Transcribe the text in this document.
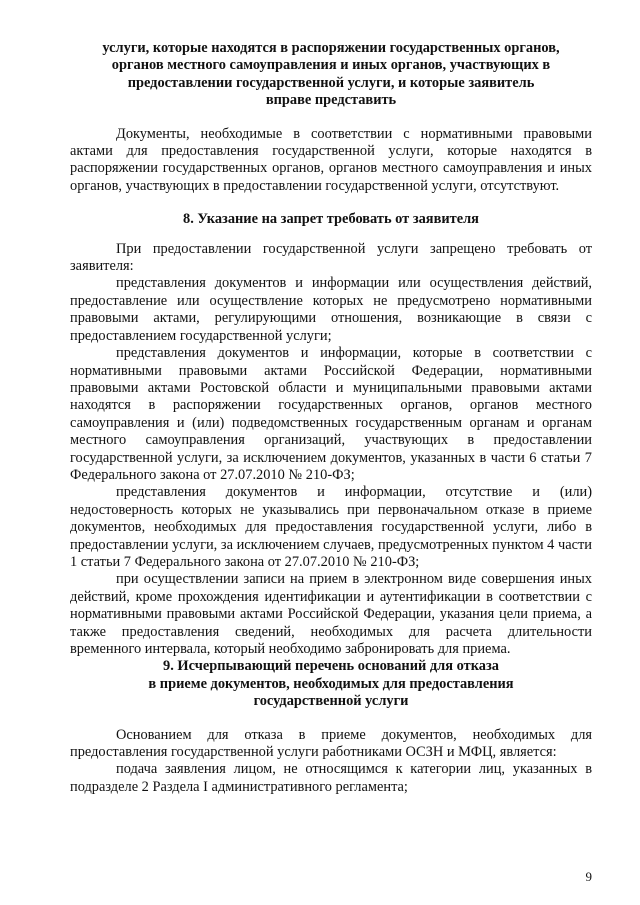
услуги, которые находятся в распоряжении государственных органов,
органов местного самоуправления и иных органов, участвующих в
предоставлении государственной услуги, и которые заявитель
вправе представить

Документы, необходимые в соответствии с нормативными правовыми актами для предоставления государственной услуги, которые находятся в распоряжении государственных органов, органов местного самоуправления и иных органов, участвующих в предоставлении государственной услуги, отсутствуют.

8. Указание на запрет требовать от заявителя

При предоставлении государственной услуги запрещено требовать от заявителя:

представления документов и информации или осуществления действий, предоставление или осуществление которых не предусмотрено нормативными правовыми актами, регулирующими отношения, возникающие в связи с предоставлением государственной услуги;

представления документов и информации, которые в соответствии с нормативными правовыми актами Российской Федерации, нормативными правовыми актами Ростовской области и муниципальными правовыми актами находятся в распоряжении государственных органов, органов местного самоуправления и (или) подведомственных государственным органам и органам местного самоуправления организаций, участвующих в предоставлении государственной услуги, за исключением документов, указанных в части 6 статьи 7 Федерального закона от 27.07.2010 № 210-ФЗ;

представления документов и информации, отсутствие и (или) недостоверность которых не указывались при первоначальном отказе в приеме документов, необходимых для предоставления государственной услуги, либо в предоставлении услуги, за исключением случаев, предусмотренных пунктом 4 части 1 статьи 7 Федерального закона от 27.07.2010 № 210-ФЗ;

при осуществлении записи на прием в электронном виде совершения иных действий, кроме прохождения идентификации и аутентификации в соответствии с нормативными правовыми актами Российской Федерации, указания цели приема, а также предоставления сведений, необходимых для расчета длительности временного интервала, который необходимо забронировать для приема.

9. Исчерпывающий перечень оснований для отказа
в приеме документов, необходимых для предоставления
государственной услуги

Основанием для отказа в приеме документов, необходимых для предоставления государственной услуги работниками ОСЗН и МФЦ, является:

подача заявления лицом, не относящимся к категории лиц, указанных в подразделе 2 Раздела I административного регламента;

9
